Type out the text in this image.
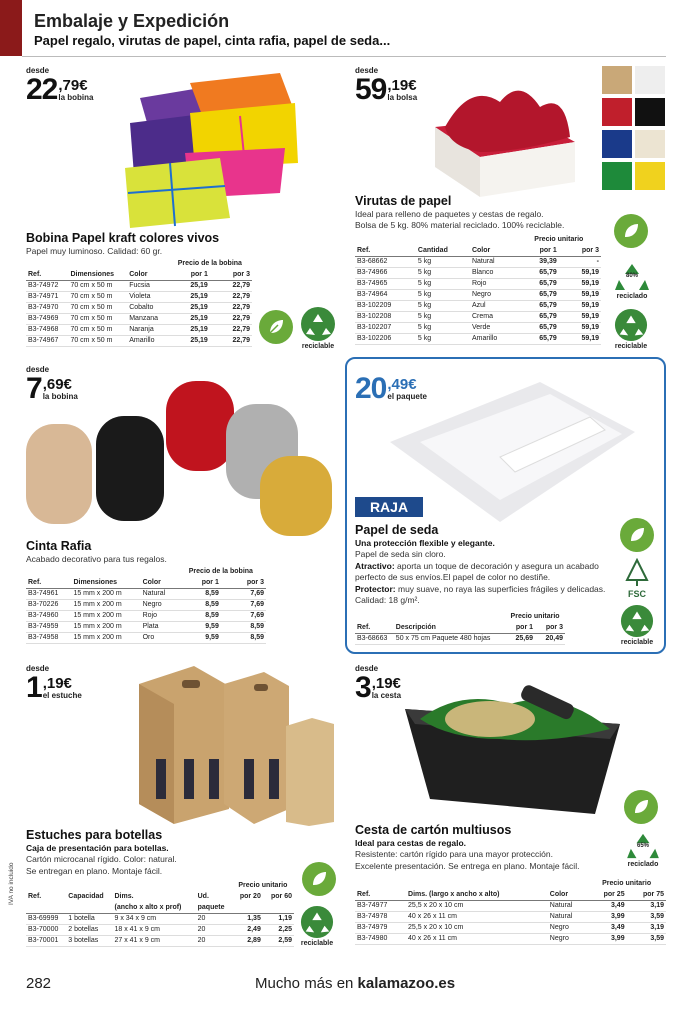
Embalaje y Expedición
Papel regalo, virutas de papel, cinta rafia, papel de seda...
desde
22 ,79€
la bobina
Bobina Papel kraft colores vivos
Papel muy luminoso. Calidad: 60 gr.
			Precio de la bobina	
Ref.	Dimensiones	Color	por 1	por 3
B3-74972	70 cm x 50 m	Fucsia	25,19	22,79
B3-74971	70 cm x 50 m	Violeta	25,19	22,79
B3-74970	70 cm x 50 m	Cobalto	25,19	22,79
B3-74969	70 cm x 50 m	Manzana	25,19	22,79
B3-74968	70 cm x 50 m	Naranja	25,19	22,79
B3-74967	70 cm x 50 m	Amarillo	25,19	22,79
reciclable
desde
59 ,19€
la bolsa
Virutas de papel
Ideal para relleno de paquetes y cestas de regalo.
Bolsa de 5 kg. 80% material reciclado. 100% reciclable.
			Precio unitario	
Ref.	Cantidad	Color	por 1	por 3
B3-68662	5 kg	Natural	39,39	-
B3-74966	5 kg	Blanco	65,79	59,19
B3-74965	5 kg	Rojo	65,79	59,19
B3-74964	5 kg	Negro	65,79	59,19
B3-102209	5 kg	Azul	65,79	59,19
B3-102208	5 kg	Crema	65,79	59,19
B3-102207	5 kg	Verde	65,79	59,19
B3-102206	5 kg	Amarillo	65,79	59,19
80%
reciclado
reciclable
desde
7 ,69€
la bobina
Cinta Rafia
Acabado decorativo para tus regalos.
			Precio de la bobina	
Ref.	Dimensiones	Color	por 1	por 3
B3-74961	15 mm x 200 m	Natural	8,59	7,69
B3-70226	15 mm x 200 m	Negro	8,59	7,69
B3-74960	15 mm x 200 m	Rojo	8,59	7,69
B3-74959	15 mm x 200 m	Plata	9,59	8,59
B3-74958	15 mm x 200 m	Oro	9,59	8,59
20 ,49€
el paquete
RAJA
Papel de seda
Una protección flexible y elegante.
Papel de seda sin cloro.
Atractivo: aporta un toque de decoración y asegura un acabado perfecto de sus envíos.El papel de color no destiñe.
Protector: muy suave, no raya las superficies frágiles y delicadas. Calidad: 18 g/m².
		Precio unitario	
Ref.	Descripción	por 1	por 3
B3-68663	50 x 75 cm Paquete 480 hojas	25,69	20,49
FSC
reciclable
desde
1 ,19€
el estuche
Estuches para botellas
Caja de presentación para botellas.
Cartón microcanal rígido. Color: natural.
Se entregan en plano. Montaje fácil.
				Precio unitario	
Ref.	Capacidad	Dims.	Ud.	por 20	por 60
		(ancho x alto x prof)	paquete		
B3-69999	1 botella	9 x 34 x 9 cm	20	1,35	1,19
B3-70000	2 botellas	18 x 41 x 9 cm	20	2,49	2,25
B3-70001	3 botellas	27 x 41 x 9 cm	20	2,89	2,59 reciclable
desde
3 ,19€
la cesta
Cesta de cartón multiusos
Ideal para cestas de regalo.
Resistente: cartón rígido para una mayor protección.
Excelente presentación. Se entrega en plano. Montaje fácil.
			Precio unitario	
Ref.	Dims. (largo x ancho x alto)	Color	por 25	por 75
B3-74977	25,5 x 20 x 10 cm	Natural	3,49	3,19
B3-74978	40 x 26 x 11 cm	Natural	3,99	3,59
B3-74979	25,5 x 20 x 10 cm	Negro	3,49	3,19
B3-74980	40 x 26 x 11 cm	Negro	3,99	3,59
65%
reciclado
IVA no incluido
282	Mucho más en kalamazoo.es
